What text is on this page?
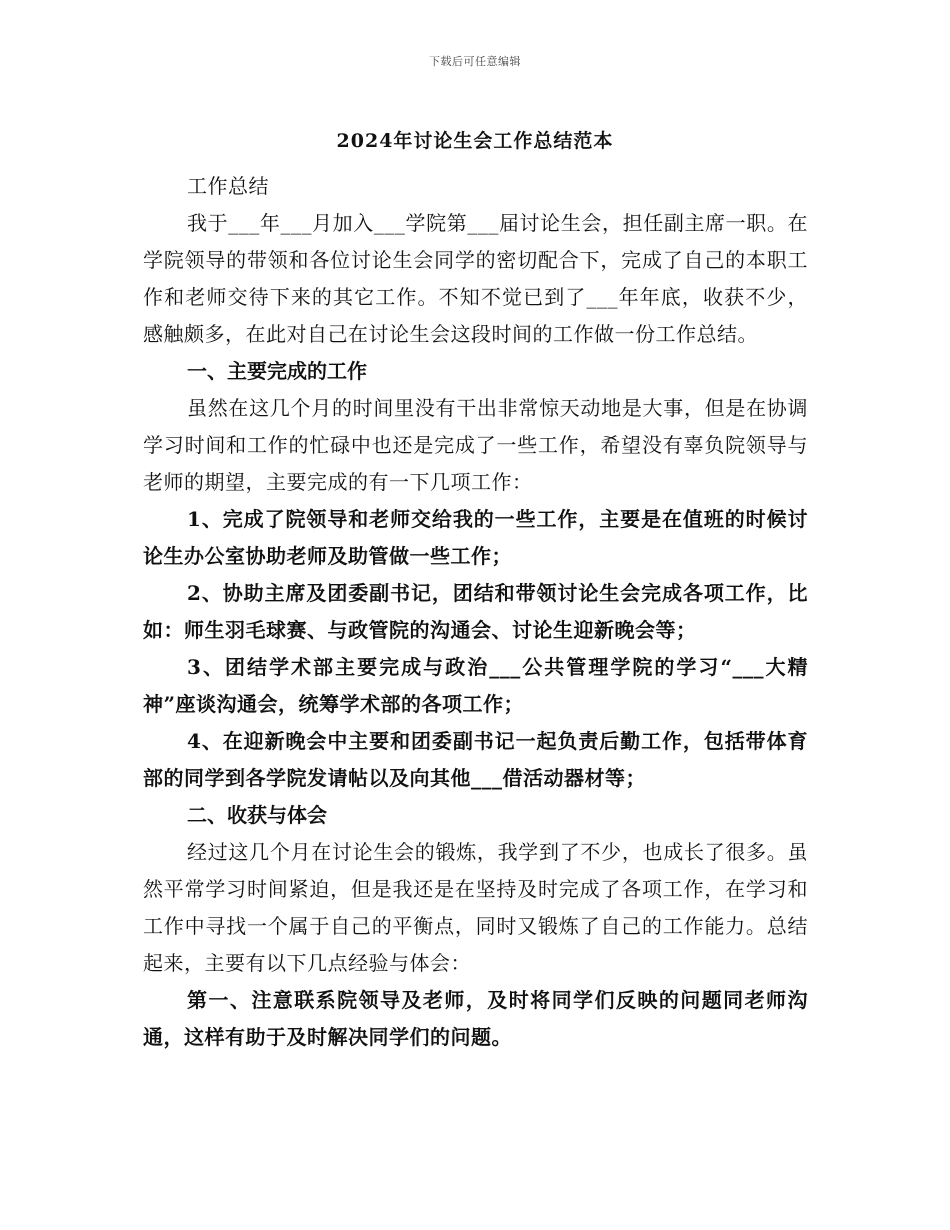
下载后可任意编辑
2024年讨论生会工作总结范本

工作总结

我于___年___月加入___学院第___届讨论生会，担任副主席一职。在学院领导的带领和各位讨论生会同学的密切配合下，完成了自己的本职工作和老师交待下来的其它工作。不知不觉已到了___年年底，收获不少，感触颇多，在此对自己在讨论生会这段时间的工作做一份工作总结。

一、主要完成的工作

虽然在这几个月的时间里没有干出非常惊天动地是大事，但是在协调学习时间和工作的忙碌中也还是完成了一些工作，希望没有辜负院领导与老师的期望，主要完成的有一下几项工作：

1、完成了院领导和老师交给我的一些工作，主要是在值班的时候讨论生办公室协助老师及助管做一些工作；

2、协助主席及团委副书记，团结和带领讨论生会完成各项工作，比如：师生羽毛球赛、与政管院的沟通会、讨论生迎新晚会等；

3、团结学术部主要完成与政治___公共管理学院的学习“___大精神”座谈沟通会，统筹学术部的各项工作；

4、在迎新晚会中主要和团委副书记一起负责后勤工作，包括带体育部的同学到各学院发请帖以及向其他___借活动器材等；

二、收获与体会

经过这几个月在讨论生会的锻炼，我学到了不少，也成长了很多。虽然平常学习时间紧迫，但是我还是在坚持及时完成了各项工作，在学习和工作中寻找一个属于自己的平衡点，同时又锻炼了自己的工作能力。总结起来，主要有以下几点经验与体会：

第一、注意联系院领导及老师，及时将同学们反映的问题同老师沟通，这样有助于及时解决同学们的问题。
